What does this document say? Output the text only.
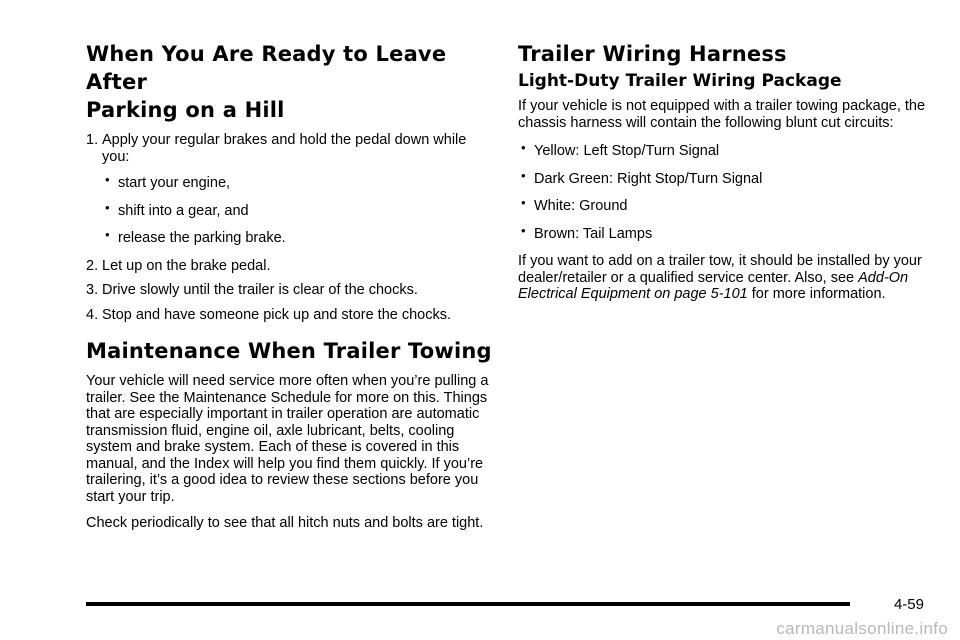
When You Are Ready to Leave After
Parking on a Hill
1. Apply your regular brakes and hold the pedal down while you:
• start your engine,
• shift into a gear, and
• release the parking brake.
2. Let up on the brake pedal.
3. Drive slowly until the trailer is clear of the chocks.
4. Stop and have someone pick up and store the chocks.
Maintenance When Trailer Towing

Your vehicle will need service more often when you’re pulling a trailer. See the Maintenance Schedule for more on this. Things that are especially important in trailer operation are automatic transmission fluid, engine oil, axle lubricant, belts, cooling system and brake system. Each of these is covered in this manual, and the Index will help you find them quickly. If you’re trailering, it’s a good idea to review these sections before you start your trip.

Check periodically to see that all hitch nuts and bolts are tight.

Trailer Wiring Harness
Light-Duty Trailer Wiring Package

If your vehicle is not equipped with a trailer towing package, the chassis harness will contain the following blunt cut circuits:

• Yellow: Left Stop/Turn Signal
• Dark Green: Right Stop/Turn Signal
• White: Ground
• Brown: Tail Lamps

If you want to add on a trailer tow, it should be installed by your dealer/retailer or a qualified service center. Also, see Add-On Electrical Equipment on page 5-101 for more information.

4-59
carmanualsonline.info
